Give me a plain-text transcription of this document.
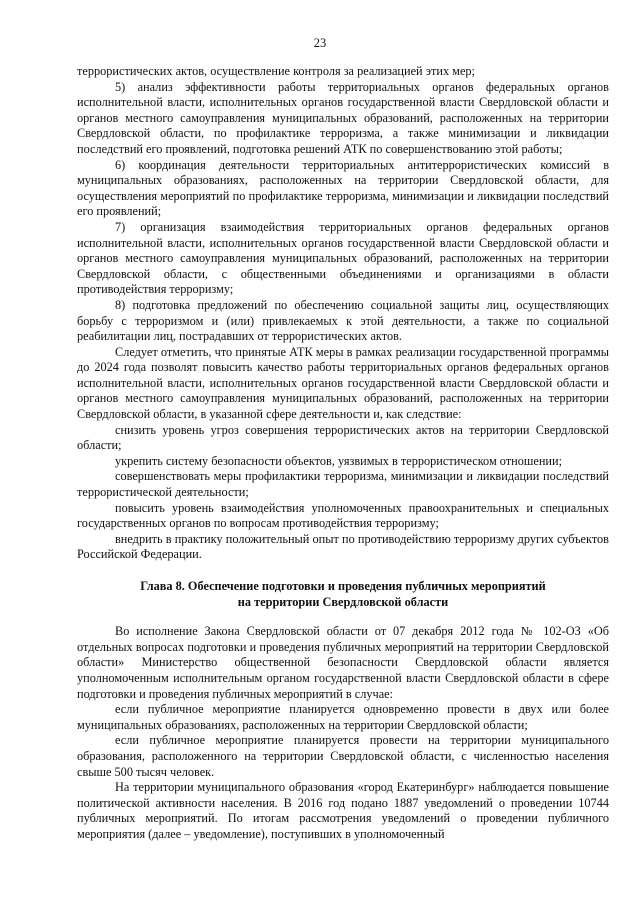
23

террористических актов, осуществление контроля за реализацией этих мер;

5) анализ эффективности работы территориальных органов федеральных органов исполнительной власти, исполнительных органов государственной власти Свердловской области и органов местного самоуправления муниципальных образований, расположенных на территории Свердловской области, по профилактике терроризма, а также минимизации и ликвидации последствий его проявлений, подготовка решений АТК по совершенствованию этой работы;

6) координация деятельности территориальных антитеррористических комиссий в муниципальных образованиях, расположенных на территории Свердловской области, для осуществления мероприятий по профилактике терроризма, минимизации и ликвидации последствий его проявлений;

7) организация взаимодействия территориальных органов федеральных органов исполнительной власти, исполнительных органов государственной власти Свердловской области и органов местного самоуправления муниципальных образований, расположенных на территории Свердловской области, с общественными объединениями и организациями в области противодействия терроризму;

8) подготовка предложений по обеспечению социальной защиты лиц, осуществляющих борьбу с терроризмом и (или) привлекаемых к этой деятельности, а также по социальной реабилитации лиц, пострадавших от террористических актов.

Следует отметить, что принятые АТК меры в рамках реализации государственной программы до 2024 года позволят повысить качество работы территориальных органов федеральных органов исполнительной власти, исполнительных органов государственной власти Свердловской области и органов местного самоуправления муниципальных образований, расположенных на территории Свердловской области, в указанной сфере деятельности и, как следствие:

снизить уровень угроз совершения террористических актов на территории Свердловской области;

укрепить систему безопасности объектов, уязвимых в террористическом отношении;

совершенствовать меры профилактики терроризма, минимизации и ликвидации последствий террористической деятельности;

повысить уровень взаимодействия уполномоченных правоохранительных и специальных государственных органов по вопросам противодействия терроризму;

внедрить в практику положительный опыт по противодействию терроризму других субъектов Российской Федерации.

Глава 8. Обеспечение подготовки и проведения публичных мероприятий
на территории Свердловской области

Во исполнение Закона Свердловской области от 07 декабря 2012 года № 102-ОЗ «Об отдельных вопросах подготовки и проведения публичных мероприятий на территории Свердловской области» Министерство общественной безопасности Свердловской области является уполномоченным исполнительным органом государственной власти Свердловской области в сфере подготовки и проведения публичных мероприятий в случае:

если публичное мероприятие планируется одновременно провести в двух или более муниципальных образованиях, расположенных на территории Свердловской области;

если публичное мероприятие планируется провести на территории муниципального образования, расположенного на территории Свердловской области, с численностью населения свыше 500 тысяч человек.

На территории муниципального образования «город Екатеринбург» наблюдается повышение политической активности населения. В 2016 год подано 1887 уведомлений о проведении 10744 публичных мероприятий. По итогам рассмотрения уведомлений о проведении публичного мероприятия (далее – уведомление), поступивших в уполномоченный
